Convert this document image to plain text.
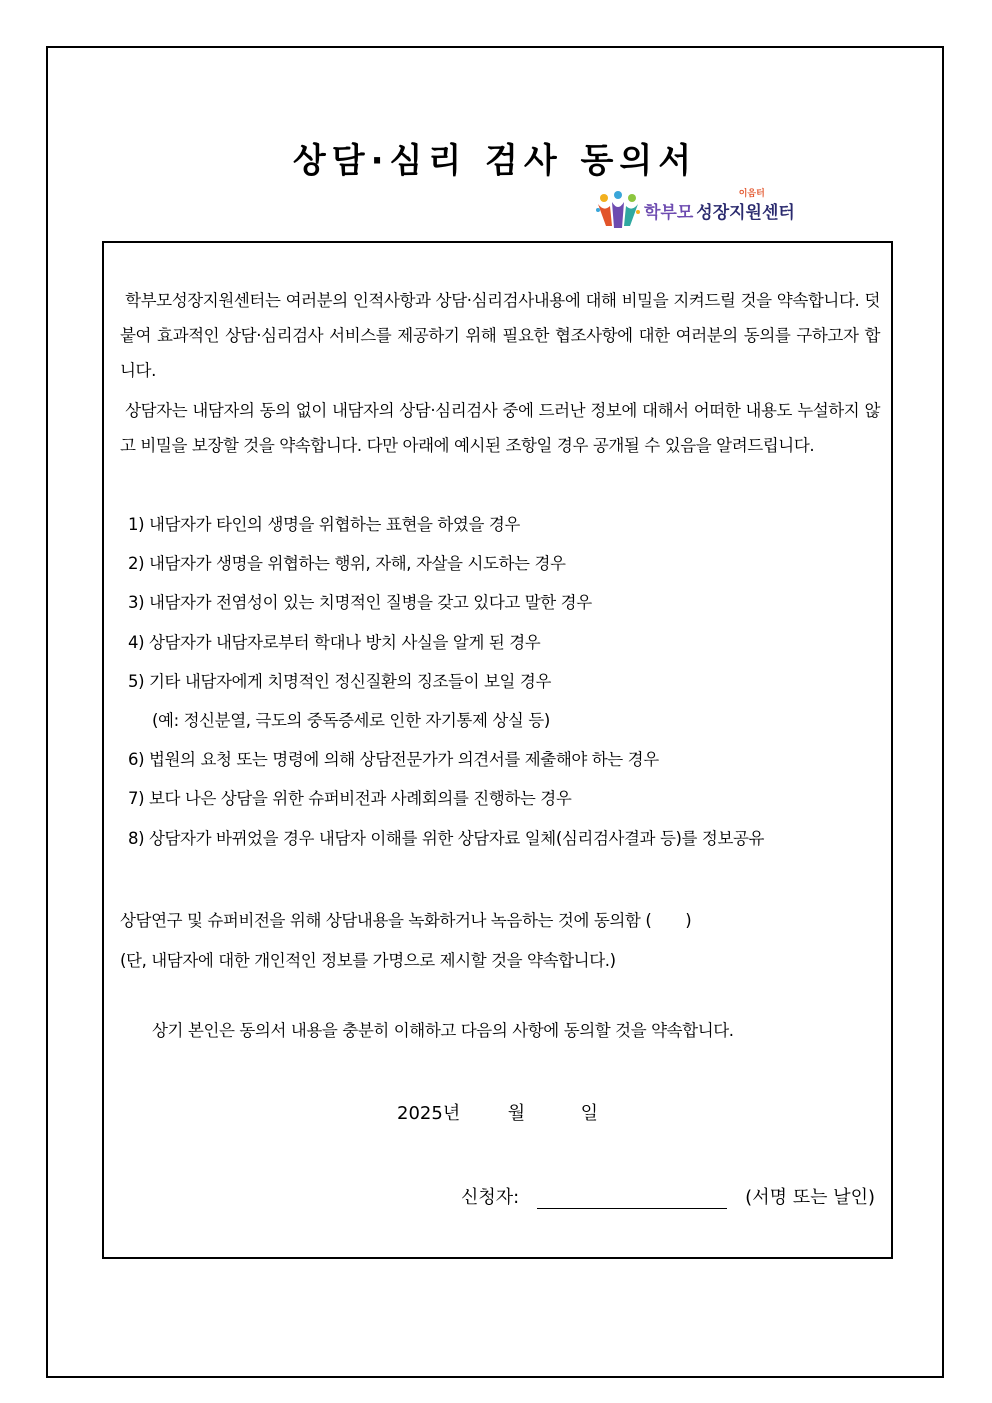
상담·심리 검사 동의서
학부모 성장지원센터
이음터
학부모성장지원센터는 여러분의 인적사항과 상담·심리검사내용에 대해 비밀을 지켜드릴 것을 약속합니다. 덧붙여 효과적인 상담·심리검사 서비스를 제공하기 위해 필요한 협조사항에 대한 여러분의 동의를 구하고자 합니다.
상담자는 내담자의 동의 없이 내담자의 상담·심리검사 중에 드러난 정보에 대해서 어떠한 내용도 누설하지 않고 비밀을 보장할 것을 약속합니다. 다만 아래에 예시된 조항일 경우 공개될 수 있음을 알려드립니다.
1) 내담자가 타인의 생명을 위협하는 표현을 하였을 경우
2) 내담자가 생명을 위협하는 행위, 자해, 자살을 시도하는 경우
3) 내담자가 전염성이 있는 치명적인 질병을 갖고 있다고 말한 경우
4) 상담자가 내담자로부터 학대나 방치 사실을 알게 된 경우
5) 기타 내담자에게 치명적인 정신질환의 징조들이 보일 경우
(예: 정신분열, 극도의 중독증세로 인한 자기통제 상실 등)
6) 법원의 요청 또는 명령에 의해 상담전문가가 의견서를 제출해야 하는 경우
7) 보다 나은 상담을 위한 슈퍼비전과 사례회의를 진행하는 경우
8) 상담자가 바뀌었을 경우 내담자 이해를 위한 상담자료 일체(심리검사결과 등)를 정보공유
상담연구 및 슈퍼비전을 위해 상담내용을 녹화하거나 녹음하는 것에 동의함 (       )
(단, 내담자에 대한 개인적인 정보를 가명으로 제시할 것을 약속합니다.)
상기 본인은 동의서 내용을 충분히 이해하고 다음의 사항에 동의할 것을 약속합니다.
2025년	월	일
신청자:	(서명 또는 날인)
